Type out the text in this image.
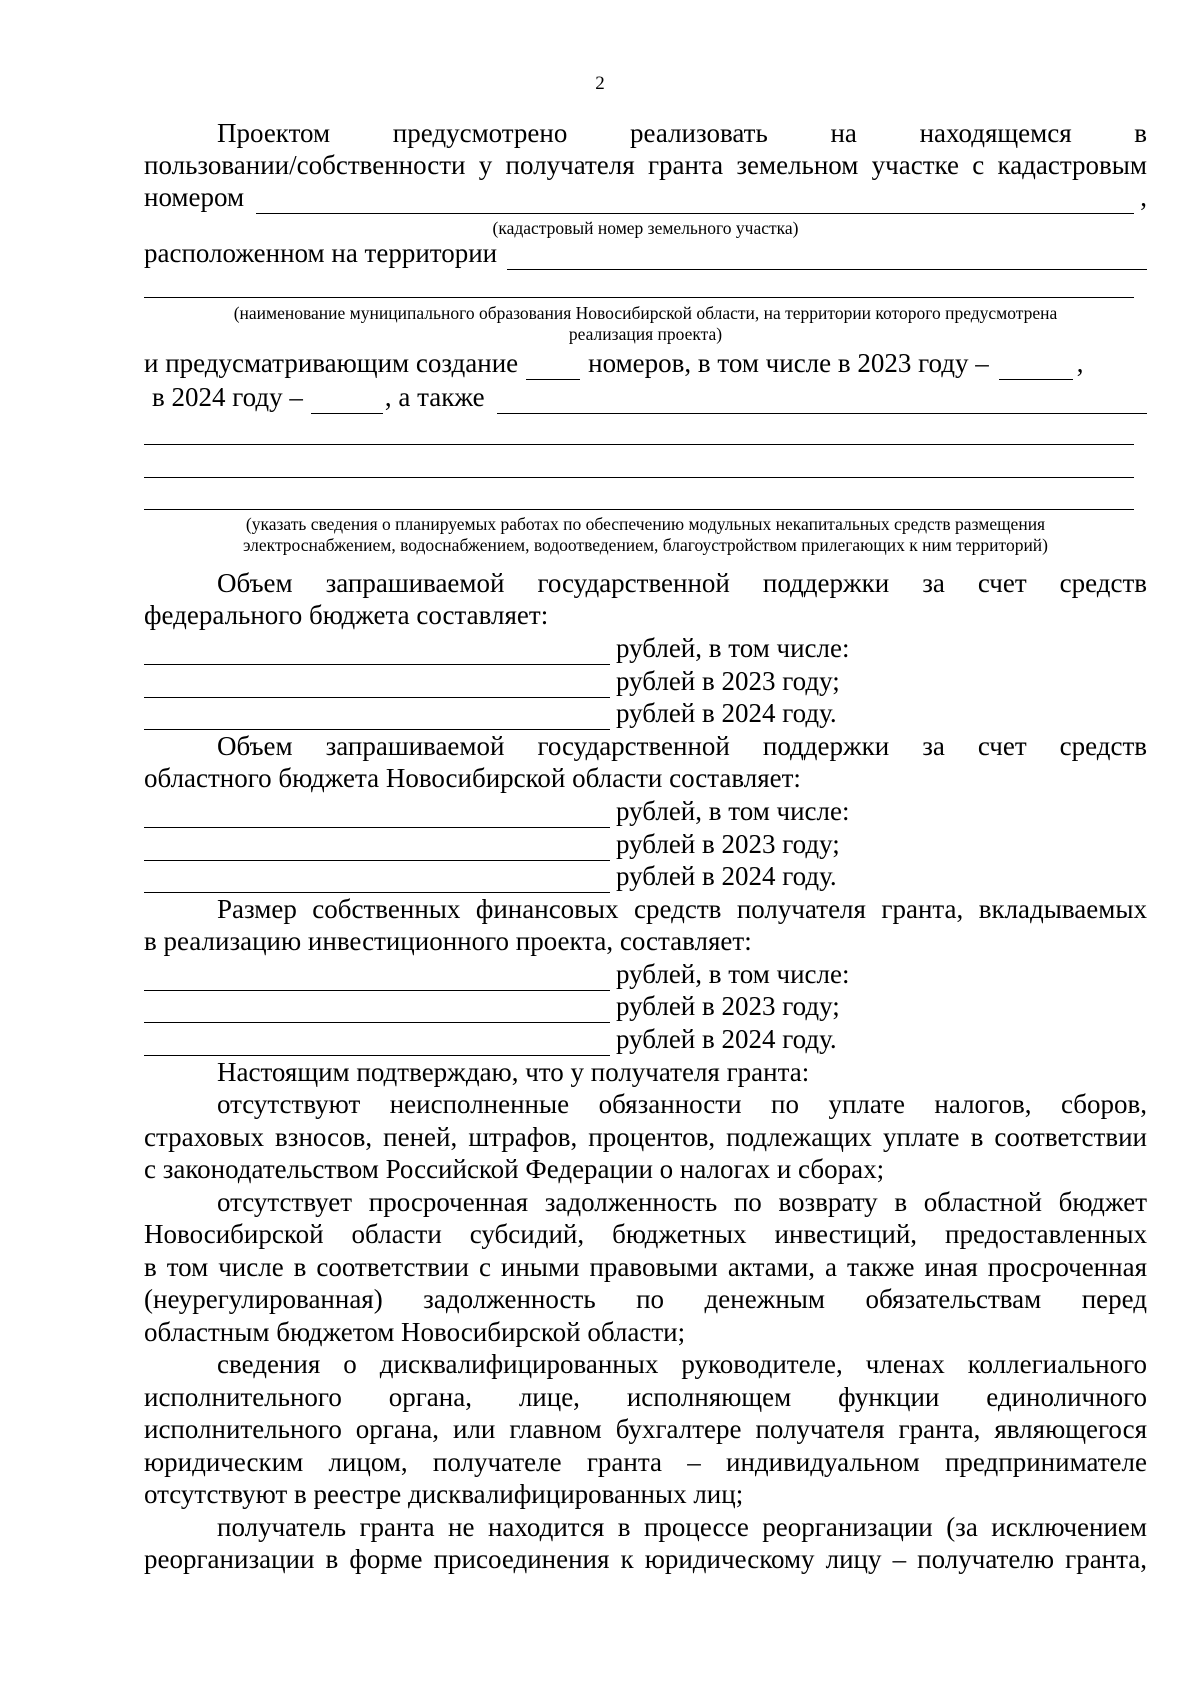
2
Проектом предусмотрено реализовать на находящемся в
пользовании/собственности у получателя гранта земельном участке с кадастровым
номером	,
(кадастровый номер земельного участка)
расположенном на территории
(наименование муниципального образования Новосибирской области, на территории которого предусмотрена
реализация проекта)
и предусматривающим создание	номеров, в том числе в 2023 году –	,
в 2024 году –	, а также
(указать сведения о планируемых работах по обеспечению модульных некапитальных средств размещения
электроснабжением, водоснабжением, водоотведением, благоустройством прилегающих к ним территорий)
Объем запрашиваемой государственной поддержки за счет средств
федерального бюджета составляет:
рублей, в том числе:
рублей в 2023 году;
рублей в 2024 году.
Объем запрашиваемой государственной поддержки за счет средств
областного бюджета Новосибирской области составляет:
рублей, в том числе:
рублей в 2023 году;
рублей в 2024 году.
Размер собственных финансовых средств получателя гранта, вкладываемых
в реализацию инвестиционного проекта, составляет:
рублей, в том числе:
рублей в 2023 году;
рублей в 2024 году.
Настоящим подтверждаю, что у получателя гранта:
отсутствуют неисполненные обязанности по уплате налогов, сборов,
страховых взносов, пеней, штрафов, процентов, подлежащих уплате в соответствии
с законодательством Российской Федерации о налогах и сборах;
отсутствует просроченная задолженность по возврату в областной бюджет
Новосибирской области субсидий, бюджетных инвестиций, предоставленных
в том числе в соответствии с иными правовыми актами, а также иная просроченная
(неурегулированная) задолженность по денежным обязательствам перед
областным бюджетом Новосибирской области;
сведения о дисквалифицированных руководителе, членах коллегиального
исполнительного органа, лице, исполняющем функции единоличного
исполнительного органа, или главном бухгалтере получателя гранта, являющегося
юридическим лицом, получателе гранта – индивидуальном предпринимателе
отсутствуют в реестре дисквалифицированных лиц;
получатель гранта не находится в процессе реорганизации (за исключением
реорганизации в форме присоединения к юридическому лицу – получателю гранта,
